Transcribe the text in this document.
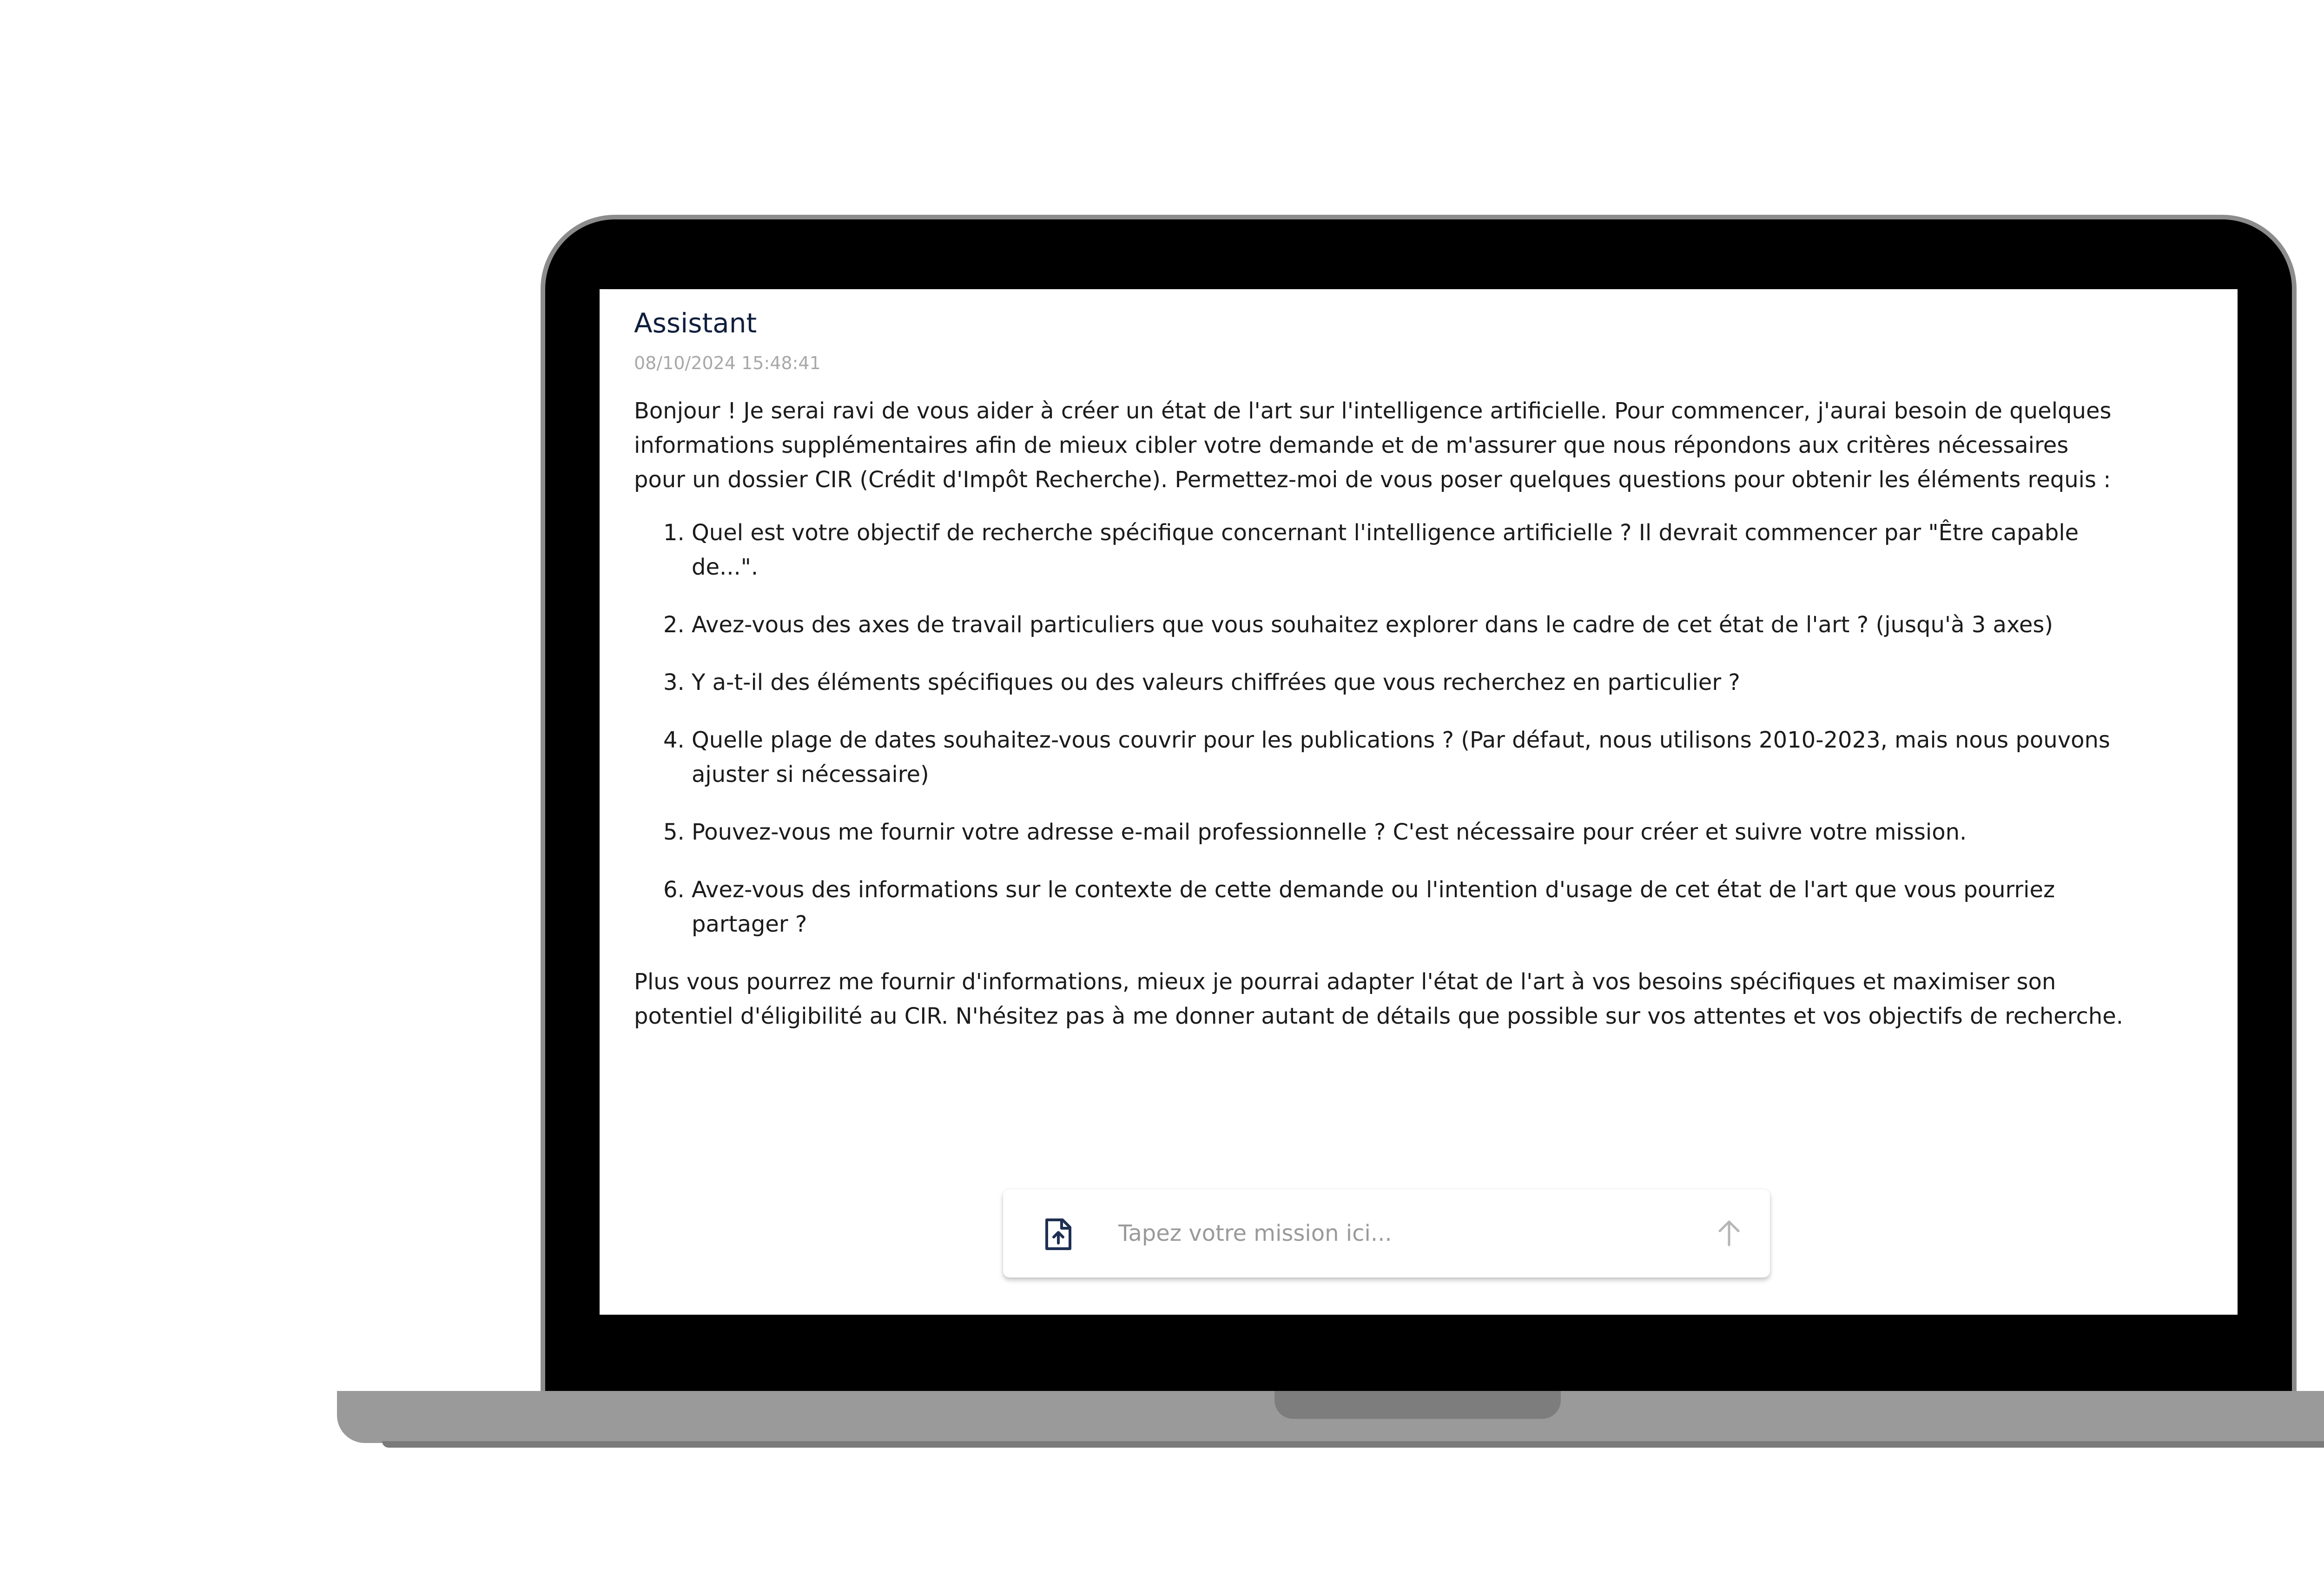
Assistant
08/10/2024 15:48:41
Bonjour ! Je serai ravi de vous aider à créer un état de l'art sur l'intelligence artificielle. Pour commencer, j'aurai besoin de quelques informations supplémentaires afin de mieux cibler votre demande et de m'assurer que nous répondons aux critères nécessaires pour un dossier CIR (Crédit d'Impôt Recherche). Permettez-moi de vous poser quelques questions pour obtenir les éléments requis :
1. Quel est votre objectif de recherche spécifique concernant l'intelligence artificielle ? Il devrait commencer par "Être capable de...".
2. Avez-vous des axes de travail particuliers que vous souhaitez explorer dans le cadre de cet état de l'art ? (jusqu'à 3 axes)
3. Y a-t-il des éléments spécifiques ou des valeurs chiffrées que vous recherchez en particulier ?
4. Quelle plage de dates souhaitez-vous couvrir pour les publications ? (Par défaut, nous utilisons 2010-2023, mais nous pouvons ajuster si nécessaire)
5. Pouvez-vous me fournir votre adresse e-mail professionnelle ? C'est nécessaire pour créer et suivre votre mission.
6. Avez-vous des informations sur le contexte de cette demande ou l'intention d'usage de cet état de l'art que vous pourriez partager ?
Plus vous pourrez me fournir d'informations, mieux je pourrai adapter l'état de l'art à vos besoins spécifiques et maximiser son potentiel d'éligibilité au CIR. N'hésitez pas à me donner autant de détails que possible sur vos attentes et vos objectifs de recherche.
Tapez votre mission ici...
